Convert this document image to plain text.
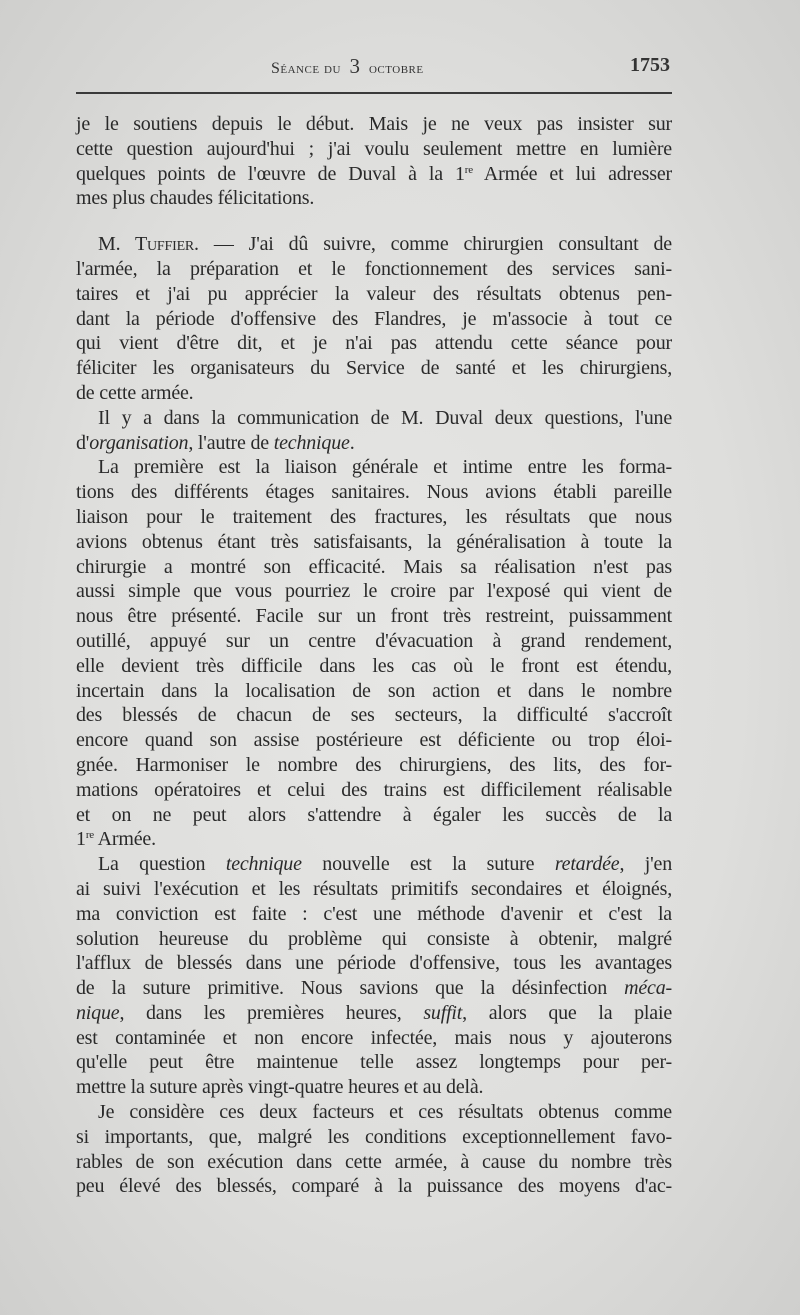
Séance du 3 octobre	1753
je le soutiens depuis le début. Mais je ne veux pas insister sur
cette question aujourd'hui ; j'ai voulu seulement mettre en lumière
quelques points de l'œuvre de Duval à la 1re Armée et lui adresser
mes plus chaudes félicitations.
M. Tuffier. — J'ai dû suivre, comme chirurgien consultant de
l'armée, la préparation et le fonctionnement des services sani-
taires et j'ai pu apprécier la valeur des résultats obtenus pen-
dant la période d'offensive des Flandres, je m'associe à tout ce
qui vient d'être dit, et je n'ai pas attendu cette séance pour
féliciter les organisateurs du Service de santé et les chirurgiens,
de cette armée.
Il y a dans la communication de M. Duval deux questions, l'une
d'organisation, l'autre de technique.
La première est la liaison générale et intime entre les forma-
tions des différents étages sanitaires. Nous avions établi pareille
liaison pour le traitement des fractures, les résultats que nous
avions obtenus étant très satisfaisants, la généralisation à toute la
chirurgie a montré son efficacité. Mais sa réalisation n'est pas
aussi simple que vous pourriez le croire par l'exposé qui vient de
nous être présenté. Facile sur un front très restreint, puissamment
outillé, appuyé sur un centre d'évacuation à grand rendement,
elle devient très difficile dans les cas où le front est étendu,
incertain dans la localisation de son action et dans le nombre
des blessés de chacun de ses secteurs, la difficulté s'accroît
encore quand son assise postérieure est déficiente ou trop éloi-
gnée. Harmoniser le nombre des chirurgiens, des lits, des for-
mations opératoires et celui des trains est difficilement réalisable
et on ne peut alors s'attendre à égaler les succès de la
1re Armée.
La question technique nouvelle est la suture retardée, j'en
ai suivi l'exécution et les résultats primitifs secondaires et éloignés,
ma conviction est faite : c'est une méthode d'avenir et c'est la
solution heureuse du problème qui consiste à obtenir, malgré
l'afflux de blessés dans une période d'offensive, tous les avantages
de la suture primitive. Nous savions que la désinfection méca-
nique, dans les premières heures, suffit, alors que la plaie
est contaminée et non encore infectée, mais nous y ajouterons
qu'elle peut être maintenue telle assez longtemps pour per-
mettre la suture après vingt-quatre heures et au delà.
Je considère ces deux facteurs et ces résultats obtenus comme
si importants, que, malgré les conditions exceptionnellement favo-
rables de son exécution dans cette armée, à cause du nombre très
peu élevé des blessés, comparé à la puissance des moyens d'ac-
